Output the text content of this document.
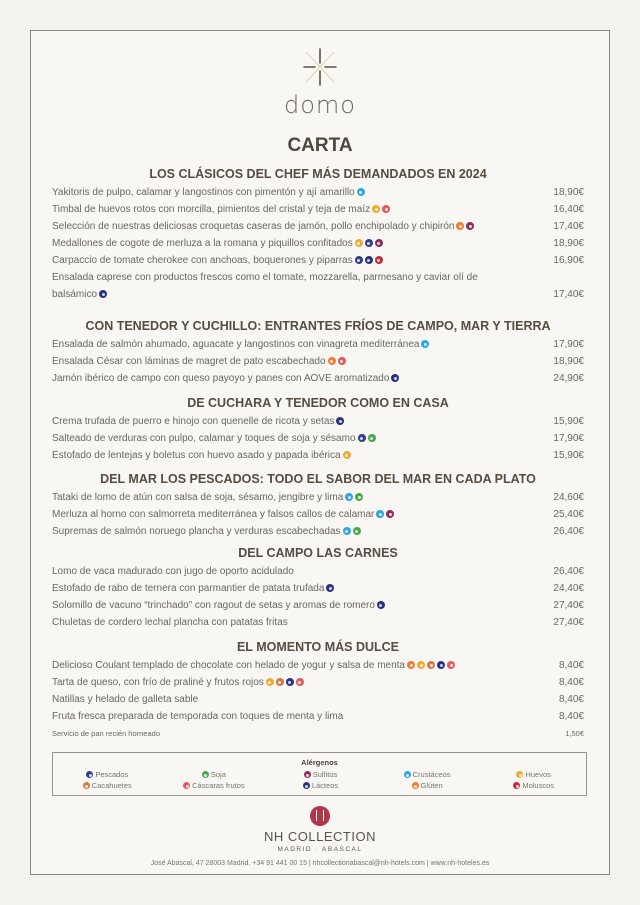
domo
CARTA
LOS CLÁSICOS DEL CHEF MÁS DEMANDADOS EN 2024
Yakitoris de pulpo, calamar y langostinos con pimentón y ají amarillo	18,90€
Timbal de huevos rotos con morcilla, pimientos del cristal y teja de maíz	16,40€
Selección de nuestras deliciosas croquetas caseras de jamón, pollo enchipolado y chipirón	17,40€
Medallones de cogote de merluza a la romana y piquillos confitados	18,90€
Carpaccio de tomate cherokee con anchoas, boquerones y piparras	16,90€
Ensalada caprese con productos frescos como el tomate, mozzarella, parmesano y caviar olí de balsámico	17,40€
CON TENEDOR Y CUCHILLO: ENTRANTES FRÍOS DE CAMPO, MAR Y TIERRA
Ensalada de salmón ahumado, aguacate y langostinos con vinagreta mediterránea	17,90€
Ensalada César con láminas de magret de pato escabechado	18,90€
Jamón ibérico de campo con queso payoyo y panes con AOVE aromatizado	24,90€
DE CUCHARA Y TENEDOR COMO EN CASA
Crema trufada de puerro e hinojo con quenelle de ricota y setas	15,90€
Salteado de verduras con pulpo, calamar y toques de soja y sésamo	17,90€
Estofado de lentejas y boletus con huevo asado y papada ibérica	15,90€
DEL MAR LOS PESCADOS: TODO EL SABOR DEL MAR EN CADA PLATO
Tataki de lomo de atún con salsa de soja, sésamo, jengibre y lima	24,60€
Merluza al horno con salmorreta mediterránea y falsos callos de calamar	25,40€
Supremas de salmón noruego plancha y verduras escabechadas	26,40€
DEL CAMPO LAS CARNES
Lomo de vaca madurado con jugo de oporto acidulado	26,40€
Estofado de rabo de ternera con parmantier de patata trufada	24,40€
Solomillo de vacuno “trinchado” con ragout de setas y aromas de romero	27,40€
Chuletas de cordero lechal plancha con patatas fritas	27,40€
EL MOMENTO MÁS DULCE
Delicioso Coulant templado de chocolate con helado de yogur y salsa de menta	8,40€
Tarta de queso, con frío de praliné y frutos rojos	8,40€
Natillas y helado de galleta sable	8,40€
Fruta fresca preparada de temporada con toques de menta y lima	8,40€
Servicio de pan recién horneado	1,50€
Alérgenos
Pescados	Soja	Sulfitos	Crustáceos	Huevos
Cacahuetes	Cáscaras frutos	Lácteos	Glúten	Moluscos
NH COLLECTION
MADRID · ABASCAL
José Abascal, 47 28003 Madrid. +34 91 441 00 15 | nhcollectionabascal@nh-hotels.com | www.nh-hoteles.es
